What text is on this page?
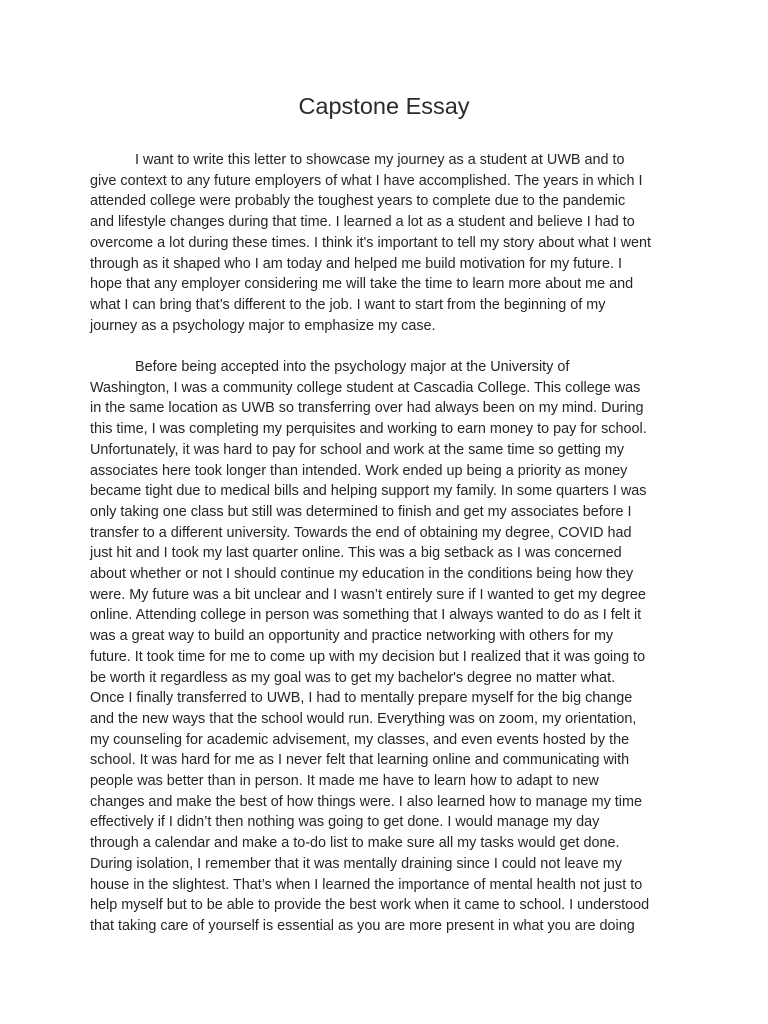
Capstone Essay

I want to write this letter to showcase my journey as a student at UWB and to
give context to any future employers of what I have accomplished. The years in which I
attended college were probably the toughest years to complete due to the pandemic
and lifestyle changes during that time. I learned a lot as a student and believe I had to
overcome a lot during these times. I think it's important to tell my story about what I went
through as it shaped who I am today and helped me build motivation for my future. I
hope that any employer considering me will take the time to learn more about me and
what I can bring that’s different to the job. I want to start from the beginning of my
journey as a psychology major to emphasize my case.

Before being accepted into the psychology major at the University of
Washington, I was a community college student at Cascadia College. This college was
in the same location as UWB so transferring over had always been on my mind. During
this time, I was completing my perquisites and working to earn money to pay for school.
Unfortunately, it was hard to pay for school and work at the same time so getting my
associates here took longer than intended. Work ended up being a priority as money
became tight due to medical bills and helping support my family. In some quarters I was
only taking one class but still was determined to finish and get my associates before I
transfer to a different university. Towards the end of obtaining my degree, COVID had
just hit and I took my last quarter online. This was a big setback as I was concerned
about whether or not I should continue my education in the conditions being how they
were. My future was a bit unclear and I wasn’t entirely sure if I wanted to get my degree
online. Attending college in person was something that I always wanted to do as I felt it
was a great way to build an opportunity and practice networking with others for my
future. It took time for me to come up with my decision but I realized that it was going to
be worth it regardless as my goal was to get my bachelor's degree no matter what.
Once I finally transferred to UWB, I had to mentally prepare myself for the big change
and the new ways that the school would run. Everything was on zoom, my orientation,
my counseling for academic advisement, my classes, and even events hosted by the
school. It was hard for me as I never felt that learning online and communicating with
people was better than in person. It made me have to learn how to adapt to new
changes and make the best of how things were. I also learned how to manage my time
effectively if I didn’t then nothing was going to get done. I would manage my day
through a calendar and make a to-do list to make sure all my tasks would get done.
During isolation, I remember that it was mentally draining since I could not leave my
house in the slightest. That’s when I learned the importance of mental health not just to
help myself but to be able to provide the best work when it came to school. I understood
that taking care of yourself is essential as you are more present in what you are doing
